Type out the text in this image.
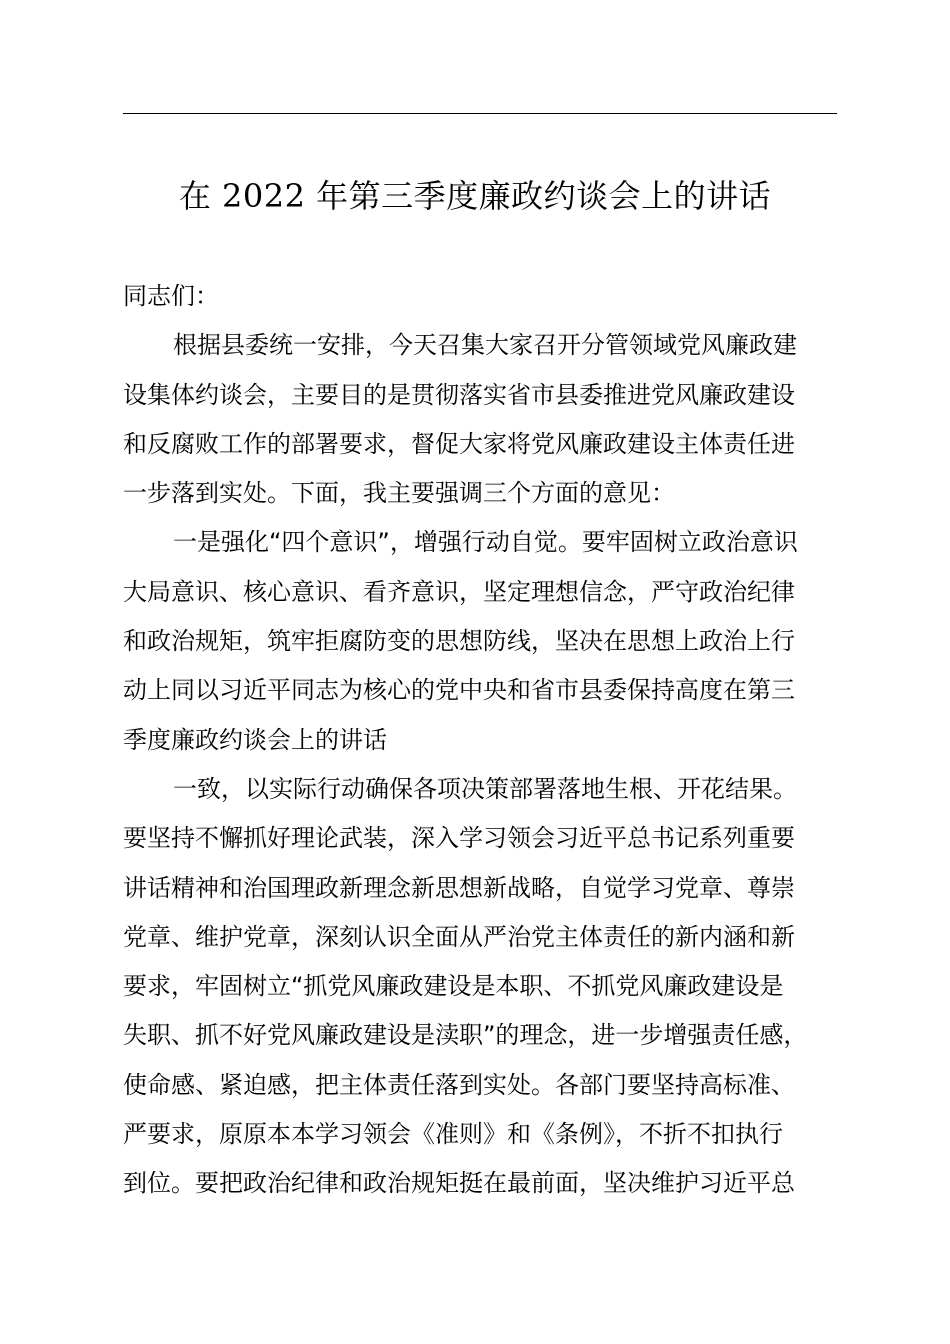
在 2022 年第三季度廉政约谈会上的讲话
同志们：
根据县委统一安排，今天召集大家召开分管领域党风廉政建
设集体约谈会，主要目的是贯彻落实省市县委推进党风廉政建设
和反腐败工作的部署要求，督促大家将党风廉政建设主体责任进
一步落到实处。下面，我主要强调三个方面的意见：
一是强化“四个意识”，增强行动自觉。要牢固树立政治意识
大局意识、核心意识、看齐意识，坚定理想信念，严守政治纪律
和政治规矩，筑牢拒腐防变的思想防线，坚决在思想上政治上行
动上同以习近平同志为核心的党中央和省市县委保持高度在第三
季度廉政约谈会上的讲话
一致，以实际行动确保各项决策部署落地生根、开花结果。
要坚持不懈抓好理论武装，深入学习领会习近平总书记系列重要
讲话精神和治国理政新理念新思想新战略，自觉学习党章、尊崇
党章、维护党章，深刻认识全面从严治党主体责任的新内涵和新
要求，牢固树立“抓党风廉政建设是本职、不抓党风廉政建设是
失职、抓不好党风廉政建设是渎职”的理念，进一步增强责任感，
使命感、紧迫感，把主体责任落到实处。各部门要坚持高标准、
严要求，原原本本学习领会《准则》和《条例》，不折不扣执行
到位。要把政治纪律和政治规矩挺在最前面，坚决维护习近平总
